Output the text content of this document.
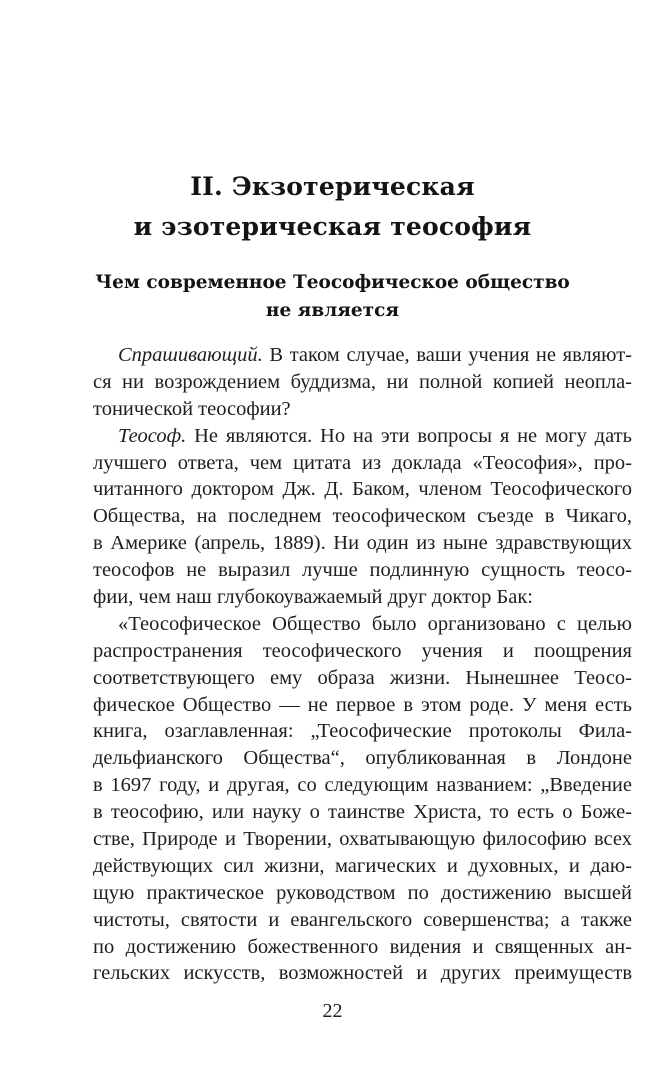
II. Экзотерическая
и эзотерическая теософия
Чем современное Теософическое общество
не является
Спрашивающий. В таком случае, ваши учения не являют-
ся ни возрождением буддизма, ни полной копией неопла-
тонической теософии?
Теософ. Не являются. Но на эти вопросы я не могу дать
лучшего ответа, чем цитата из доклада «Теософия», про-
читанного доктором Дж. Д. Баком, членом Теософического
Общества, на последнем теософическом съезде в Чикаго,
в Америке (апрель, 1889). Ни один из ныне здравствующих
теософов не выразил лучше подлинную сущность теосо-
фии, чем наш глубокоуважаемый друг доктор Бак:
«Теософическое Общество было организовано с целью
распространения теософического учения и поощрения
соответствующего ему образа жизни. Нынешнее Теосо-
фическое Общество — не первое в этом роде. У меня есть
книга, озаглавленная: „Теософические протоколы Фила-
дельфианского Общества“, опубликованная в Лондоне
в 1697 году, и другая, со следующим названием: „Введение
в теософию, или науку о таинстве Христа, то есть о Боже-
стве, Природе и Творении, охватывающую философию всех
действующих сил жизни, магических и духовных, и даю-
щую практическое руководством по достижению высшей
чистоты, святости и евангельского совершенства; а также
по достижению божественного видения и священных ан-
гельских искусств, возможностей и других преимуществ
22
